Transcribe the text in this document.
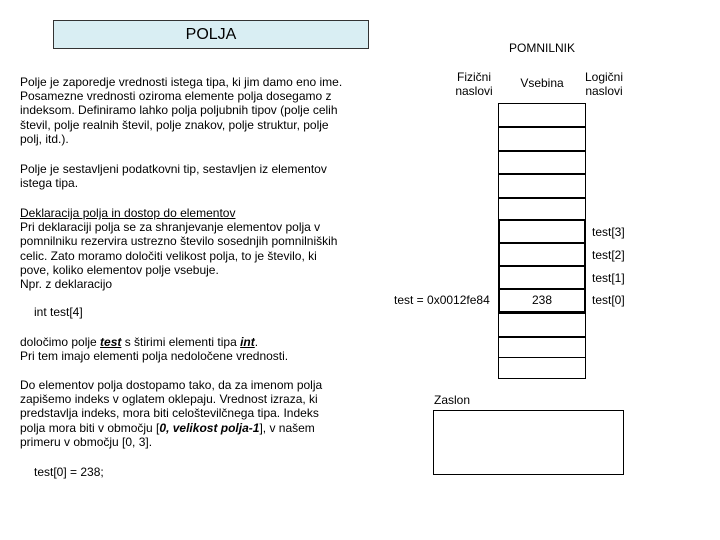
POLJA
Polje je zaporedje vrednosti istega tipa, ki jim damo eno ime.
Posamezne vrednosti oziroma elemente polja dosegamo z
indeksom. Definiramo lahko polja poljubnih tipov (polje celih
števil, polje realnih števil, polje znakov, polje struktur, polje
polj, itd.).
Polje je sestavljeni podatkovni tip, sestavljen iz elementov
istega tipa.
Deklaracija polja in dostop do elementov
Pri deklaraciji polja se za shranjevanje elementov polja v
pomnilniku rezervira ustrezno število sosednjih pomnilniških
celic. Zato moramo določiti velikost polja, to je število, ki
pove, koliko elementov polje vsebuje.
Npr. z deklaracijo
int test[4]
določimo polje test s štirimi elementi tipa int.
Pri tem imajo elementi polja nedoločene vrednosti.
Do elementov polja dostopamo tako, da za imenom polja
zapišemo indeks v oglatem oklepaju. Vrednost izraza, ki
predstavlja indeks, mora biti celoštevilčnega tipa. Indeks
polja mora biti v območju [0, velikost polja-1], v našem
primeru v območju [0, 3].
test[0] = 238;
POMNILNIK
Fizični
naslovi
Vsebina	Logični
naslovi
238
test[3]
test[2]
test[1]
test[0]
test = 0x0012fe84
Zaslon
